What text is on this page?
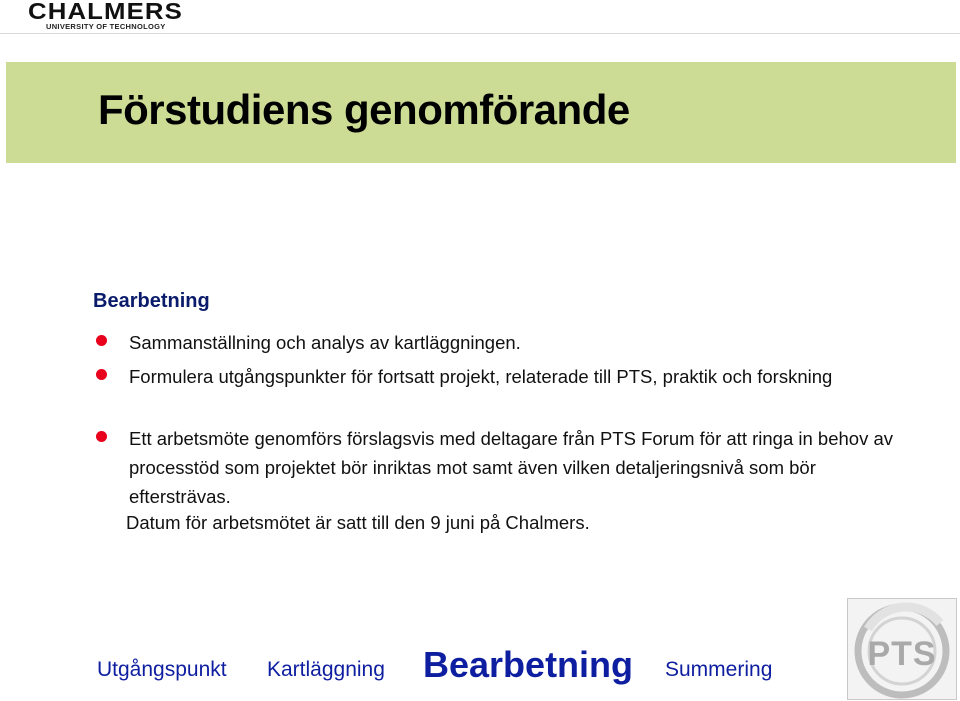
CHALMERS
UNIVERSITY OF TECHNOLOGY
Förstudiens genomförande
Bearbetning
Sammanställning och analys av kartläggningen.
Formulera utgångspunkter för fortsatt projekt, relaterade till PTS, praktik och forskning
Ett arbetsmöte genomförs förslagsvis med deltagare från PTS Forum för att ringa in behov av processtöd som projektet bör inriktas mot samt även vilken detaljeringsnivå som bör eftersträvas.
Datum för arbetsmötet är satt till den 9 juni på Chalmers.
Utgångspunkt Kartläggning Bearbetning Summering	PTS
